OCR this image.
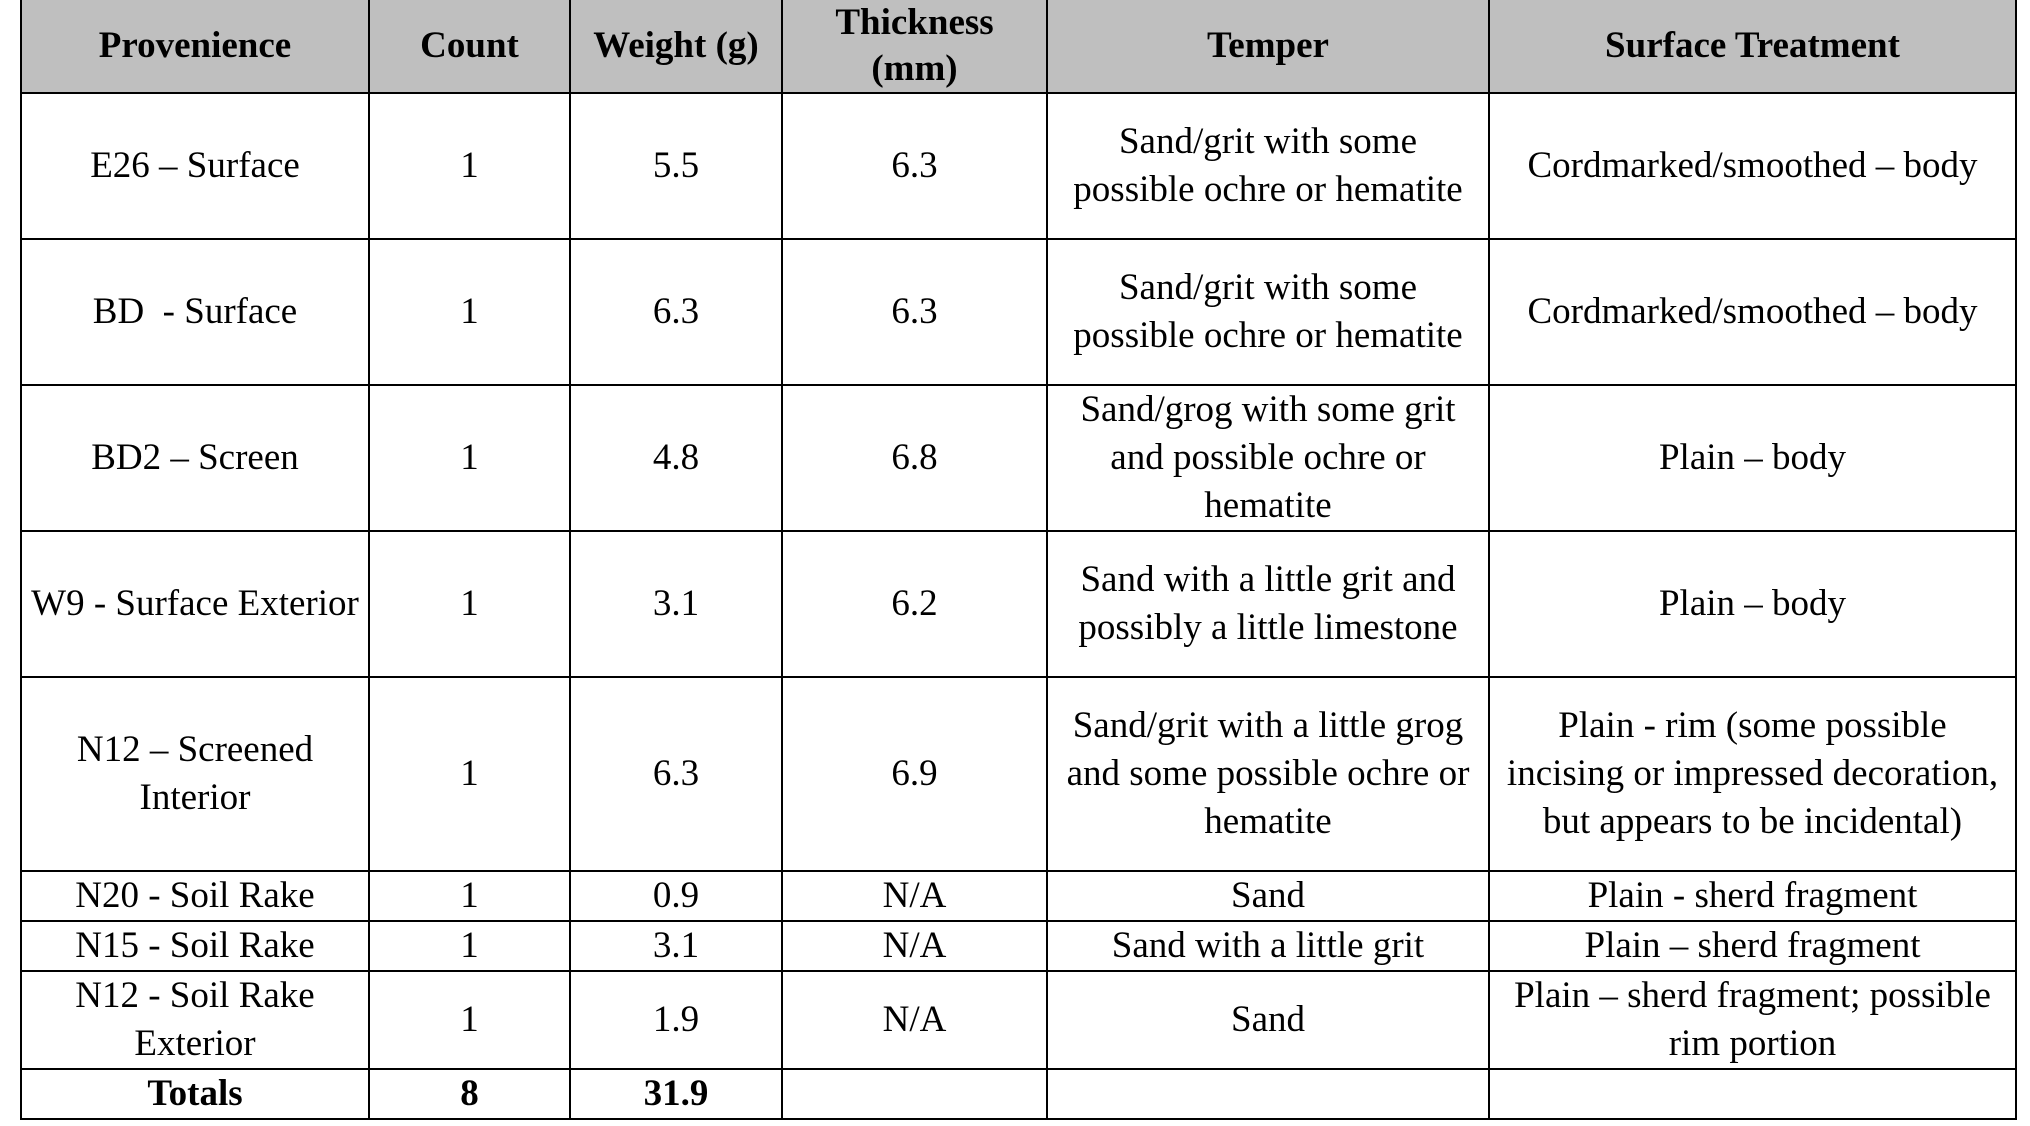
Provenience	Count	Weight (g)	Thickness (mm)	Temper	Surface Treatment
E26 – Surface	1	5.5	6.3	Sand/grit with some possible ochre or hematite	Cordmarked/smoothed – body
BD  - Surface	1	6.3	6.3	Sand/grit with some possible ochre or hematite	Cordmarked/smoothed – body
BD2 – Screen	1	4.8	6.8	Sand/grog with some grit and possible ochre or hematite	Plain – body
W9 - Surface Exterior	1	3.1	6.2	Sand with a little grit and possibly a little limestone	Plain – body
N12 – Screened Interior	1	6.3	6.9	Sand/grit with a little grog and some possible ochre or hematite	Plain - rim (some possible incising or impressed decoration, but appears to be incidental)
N20 - Soil Rake	1	0.9	N/A	Sand	Plain - sherd fragment
N15 - Soil Rake	1	3.1	N/A	Sand with a little grit	Plain – sherd fragment
N12 - Soil Rake Exterior	1	1.9	N/A	Sand	Plain – sherd fragment; possible rim portion
Totals	8	31.9			
